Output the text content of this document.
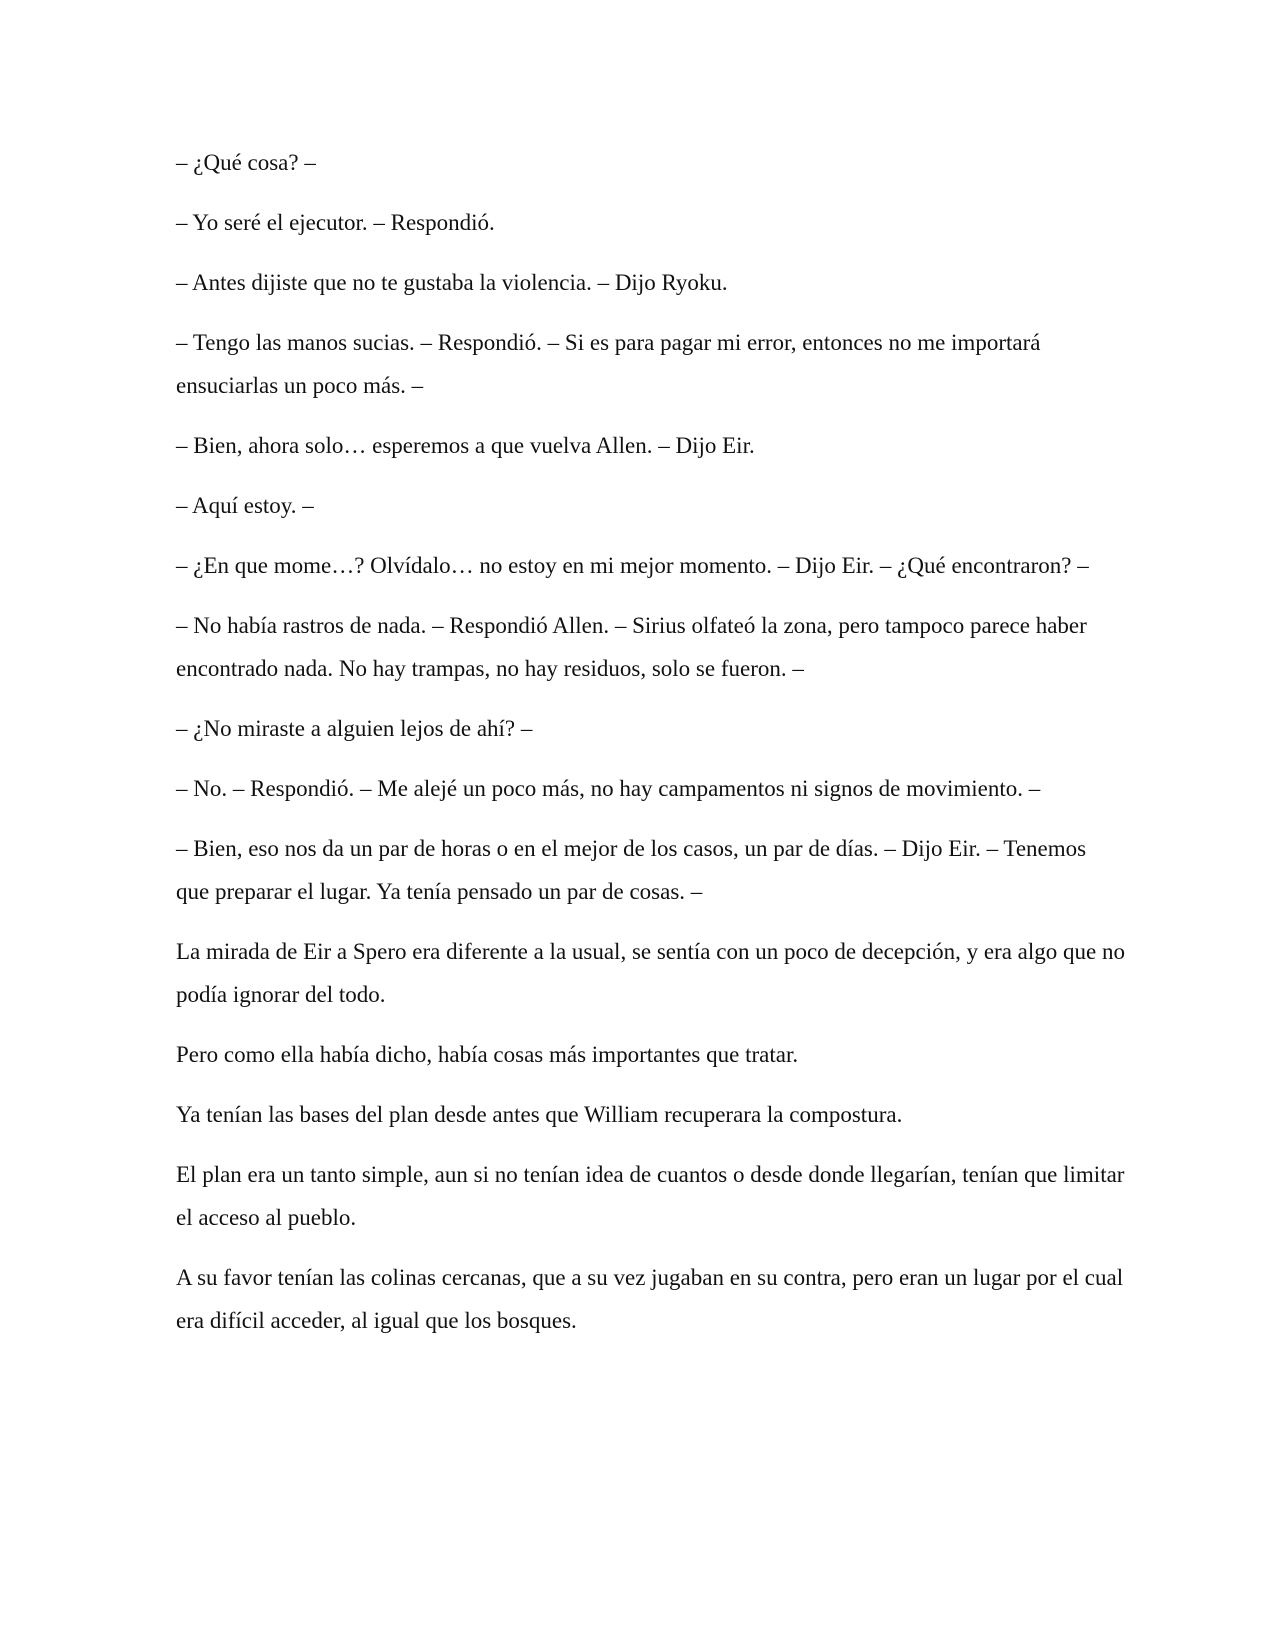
– ¿Qué cosa? –

– Yo seré el ejecutor. – Respondió.

– Antes dijiste que no te gustaba la violencia. – Dijo Ryoku.

– Tengo las manos sucias. – Respondió. – Si es para pagar mi error, entonces no me importará ensuciarlas un poco más. –

– Bien, ahora solo… esperemos a que vuelva Allen. – Dijo Eir.

– Aquí estoy. –

– ¿En que mome…? Olvídalo… no estoy en mi mejor momento. – Dijo Eir. – ¿Qué encontraron? –

– No había rastros de nada. – Respondió Allen. – Sirius olfateó la zona, pero tampoco parece haber encontrado nada. No hay trampas, no hay residuos, solo se fueron. –

– ¿No miraste a alguien lejos de ahí? –

– No. – Respondió. – Me alejé un poco más, no hay campamentos ni signos de movimiento. –

– Bien, eso nos da un par de horas o en el mejor de los casos, un par de días. – Dijo Eir. – Tenemos que preparar el lugar. Ya tenía pensado un par de cosas. –

La mirada de Eir a Spero era diferente a la usual, se sentía con un poco de decepción, y era algo que no podía ignorar del todo.

Pero como ella había dicho, había cosas más importantes que tratar.

Ya tenían las bases del plan desde antes que William recuperara la compostura.

El plan era un tanto simple, aun si no tenían idea de cuantos o desde donde llegarían, tenían que limitar el acceso al pueblo.

A su favor tenían las colinas cercanas, que a su vez jugaban en su contra, pero eran un lugar por el cual era difícil acceder, al igual que los bosques.
